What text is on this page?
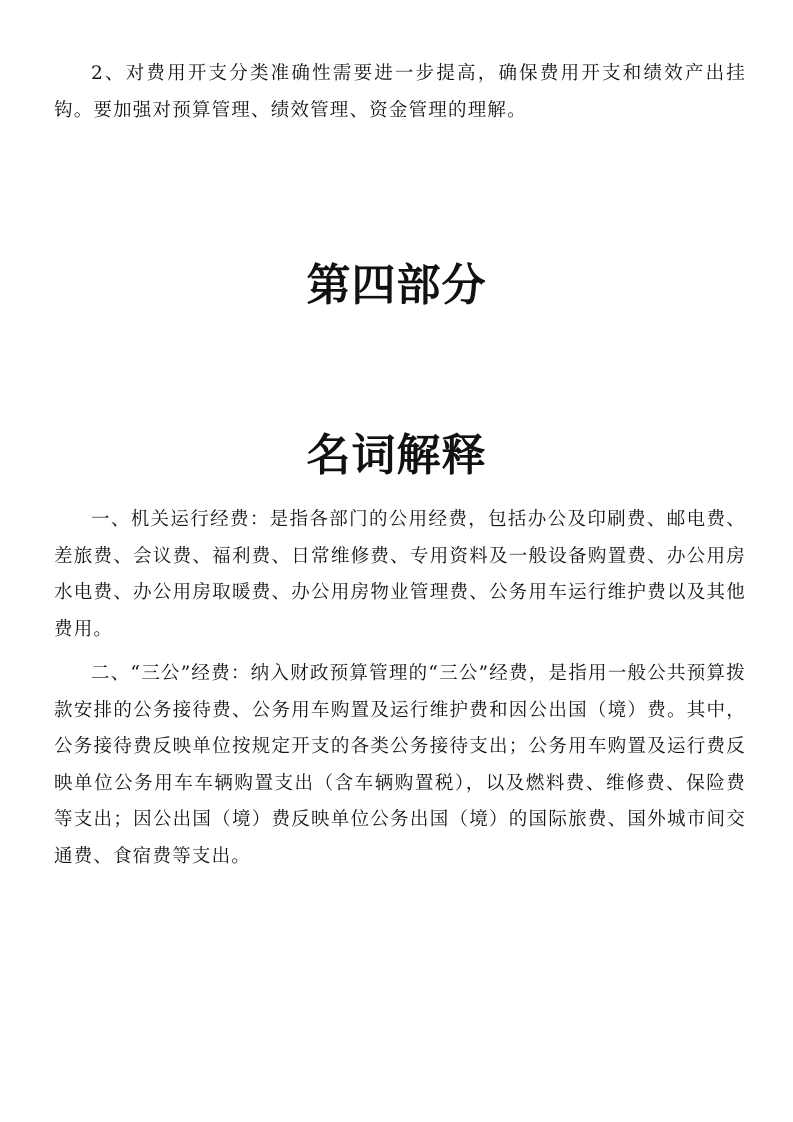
2、对费用开支分类准确性需要进一步提高，确保费用开支和绩效产出挂钩。要加强对预算管理、绩效管理、资金管理的理解。

第四部分
名词解释

一、机关运行经费：是指各部门的公用经费，包括办公及印刷费、邮电费、差旅费、会议费、福利费、日常维修费、专用资料及一般设备购置费、办公用房水电费、办公用房取暖费、办公用房物业管理费、公务用车运行维护费以及其他费用。

二、“三公”经费：纳入财政预算管理的“三公”经费，是指用一般公共预算拨款安排的公务接待费、公务用车购置及运行维护费和因公出国（境）费。其中，公务接待费反映单位按规定开支的各类公务接待支出；公务用车购置及运行费反映单位公务用车车辆购置支出（含车辆购置税），以及燃料费、维修费、保险费等支出；因公出国（境）费反映单位公务出国（境）的国际旅费、国外城市间交通费、食宿费等支出。
